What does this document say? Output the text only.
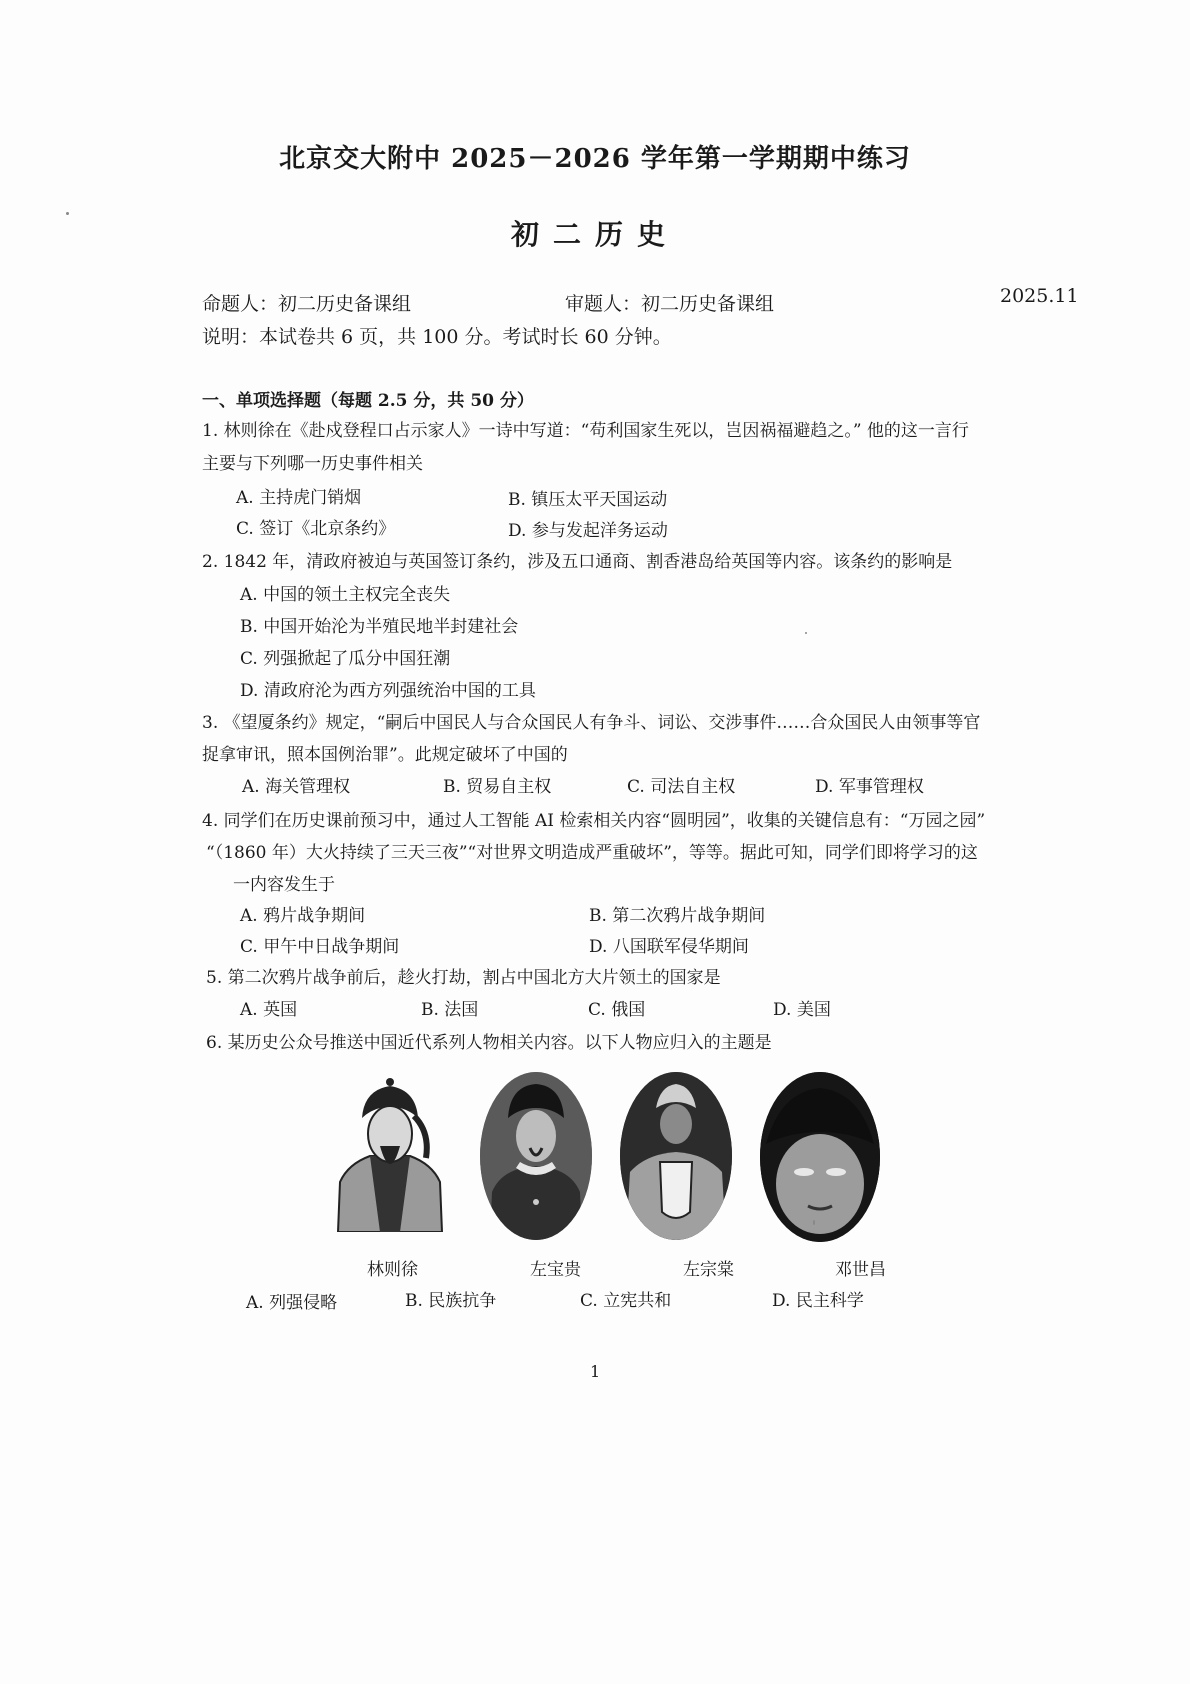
北京交大附中 2025－2026 学年第一学期期中练习
初二历史
命题人：初二历史备课组	审题人：初二历史备课组	2025.11
说明：本试卷共 6 页，共 100 分。考试时长 60 分钟。
一、单项选择题（每题 2.5 分，共 50 分）
1. 林则徐在《赴戍登程口占示家人》一诗中写道：“苟利国家生死以，岂因祸福避趋之。” 他的这一言行
主要与下列哪一历史事件相关
A. 主持虎门销烟	B. 镇压太平天国运动
C. 签订《北京条约》	D. 参与发起洋务运动
2. 1842 年，清政府被迫与英国签订条约，涉及五口通商、割香港岛给英国等内容。该条约的影响是
A. 中国的领土主权完全丧失
B. 中国开始沦为半殖民地半封建社会
C. 列强掀起了瓜分中国狂潮
D. 清政府沦为西方列强统治中国的工具
3. 《望厦条约》规定，“嗣后中国民人与合众国民人有争斗、词讼、交涉事件……合众国民人由领事等官
捉拿审讯，照本国例治罪”。此规定破坏了中国的
A. 海关管理权	B. 贸易自主权	C. 司法自主权	D. 军事管理权
4. 同学们在历史课前预习中，通过人工智能 AI 检索相关内容“圆明园”，收集的关键信息有：“万园之园”
“（1860 年）大火持续了三天三夜”“对世界文明造成严重破坏”，等等。据此可知，同学们即将学习的这
一内容发生于
A. 鸦片战争期间	B. 第二次鸦片战争期间
C. 甲午中日战争期间	D. 八国联军侵华期间
5. 第二次鸦片战争前后，趁火打劫，割占中国北方大片领土的国家是
A. 英国	B. 法国	C. 俄国	D. 美国
6. 某历史公众号推送中国近代系列人物相关内容。以下人物应归入的主题是
林则徐	左宝贵	左宗棠	邓世昌
A. 列强侵略	B. 民族抗争	C. 立宪共和	D. 民主科学
1
